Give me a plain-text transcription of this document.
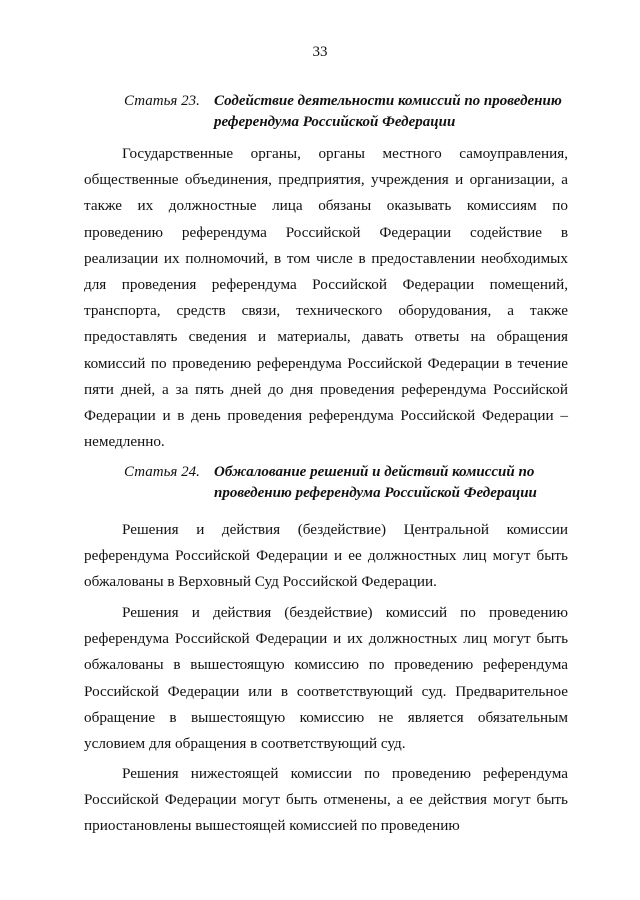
33
Статья 23. Содействие деятельности комиссий по проведению референдума Российской Федерации

Государственные органы, органы местного самоуправления, общественные объединения, предприятия, учреждения и организации, а также их должностные лица обязаны оказывать комиссиям по проведению референдума Российской Федерации содействие в реализации их полномочий, в том числе в предоставлении необходимых для проведения референдума Российской Федерации помещений, транспорта, средств связи, технического оборудования, а также предоставлять сведения и материалы, давать ответы на обращения комиссий по проведению референдума Российской Федерации в течение пяти дней, а за пять дней до дня проведения референдума Российской Федерации и в день проведения референдума Российской Федерации – немедленно.

Статья 24. Обжалование решений и действий комиссий по проведению референдума Российской Федерации

Решения и действия (бездействие) Центральной комиссии референдума Российской Федерации и ее должностных лиц могут быть обжалованы в Верховный Суд Российской Федерации.

Решения и действия (бездействие) комиссий по проведению референдума Российской Федерации и их должностных лиц могут быть обжалованы в вышестоящую комиссию по проведению референдума Российской Федерации или в соответствующий суд. Предварительное обращение в вышестоящую комиссию не является обязательным условием для обращения в соответствующий суд.

Решения нижестоящей комиссии по проведению референдума Российской Федерации могут быть отменены, а ее действия могут быть приостановлены вышестоящей комиссией по проведению
